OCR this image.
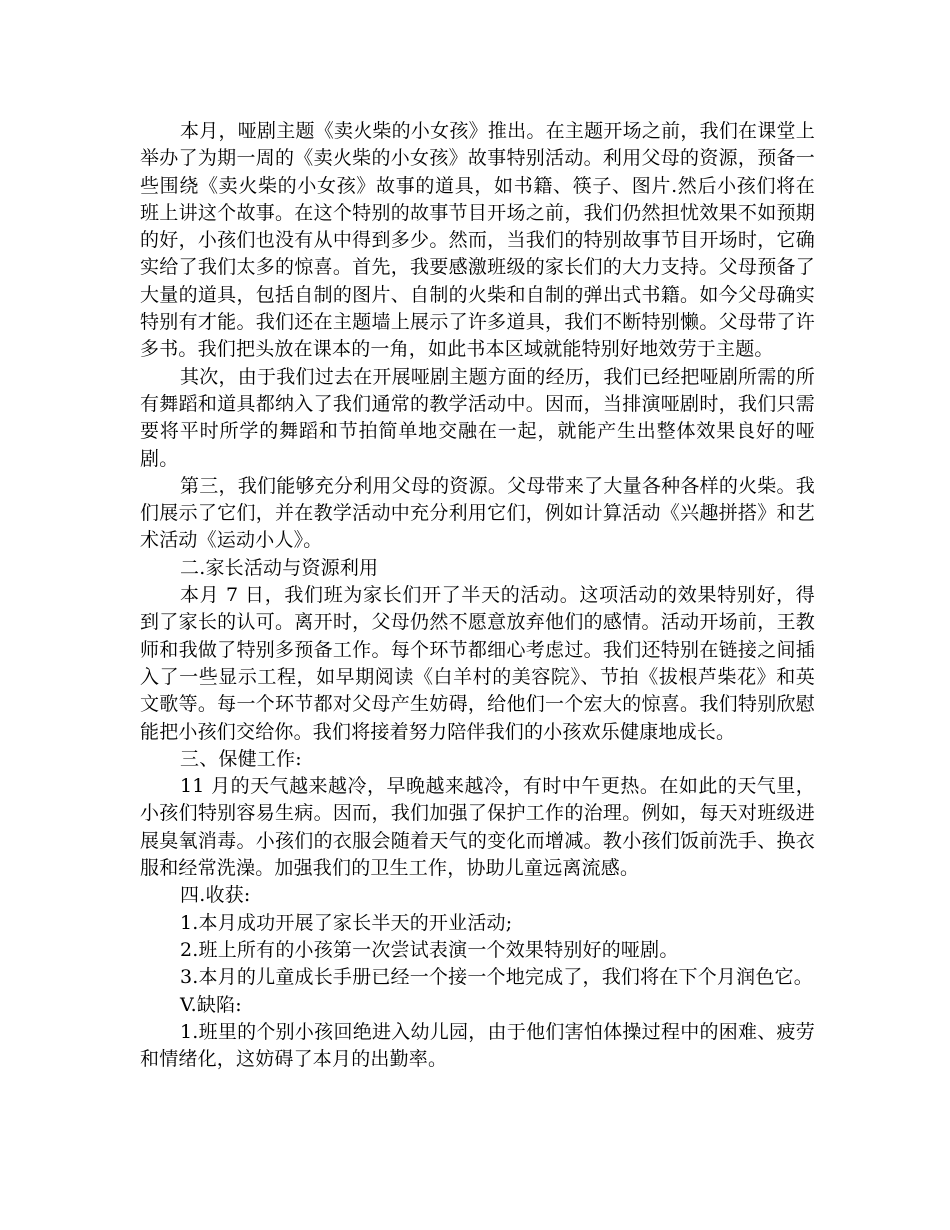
本月，哑剧主题《卖火柴的小女孩》推出。在主题开场之前，我们在课堂上举办了为期一周的《卖火柴的小女孩》故事特别活动。利用父母的资源，预备一些围绕《卖火柴的小女孩》故事的道具，如书籍、筷子、图片.然后小孩们将在班上讲这个故事。在这个特别的故事节目开场之前，我们仍然担忧效果不如预期的好，小孩们也没有从中得到多少。然而，当我们的特别故事节目开场时，它确实给了我们太多的惊喜。首先，我要感激班级的家长们的大力支持。父母预备了大量的道具，包括自制的图片、自制的火柴和自制的弹出式书籍。如今父母确实特别有才能。我们还在主题墙上展示了许多道具，我们不断特别懒。父母带了许多书。我们把头放在课本的一角，如此书本区域就能特别好地效劳于主题。

其次，由于我们过去在开展哑剧主题方面的经历，我们已经把哑剧所需的所有舞蹈和道具都纳入了我们通常的教学活动中。因而，当排演哑剧时，我们只需要将平时所学的舞蹈和节拍简单地交融在一起，就能产生出整体效果良好的哑剧。

第三，我们能够充分利用父母的资源。父母带来了大量各种各样的火柴。我们展示了它们，并在教学活动中充分利用它们，例如计算活动《兴趣拼搭》和艺术活动《运动小人》。

二.家长活动与资源利用

本月 7 日，我们班为家长们开了半天的活动。这项活动的效果特别好，得到了家长的认可。离开时，父母仍然不愿意放弃他们的感情。活动开场前，王教师和我做了特别多预备工作。每个环节都细心考虑过。我们还特别在链接之间插入了一些显示工程，如早期阅读《白羊村的美容院》、节拍《拔根芦柴花》和英文歌等。每一个环节都对父母产生妨碍，给他们一个宏大的惊喜。我们特别欣慰能把小孩们交给你。我们将接着努力陪伴我们的小孩欢乐健康地成长。

三、保健工作:

11 月的天气越来越冷，早晚越来越冷，有时中午更热。在如此的天气里，小孩们特别容易生病。因而，我们加强了保护工作的治理。例如，每天对班级进展臭氧消毒。小孩们的衣服会随着天气的变化而增减。教小孩们饭前洗手、换衣服和经常洗澡。加强我们的卫生工作，协助儿童远离流感。

四.收获:

1.本月成功开展了家长半天的开业活动;

2.班上所有的小孩第一次尝试表演一个效果特别好的哑剧。

3.本月的儿童成长手册已经一个接一个地完成了，我们将在下个月润色它。

V.缺陷:

1.班里的个别小孩回绝进入幼儿园，由于他们害怕体操过程中的困难、疲劳和情绪化，这妨碍了本月的出勤率。
